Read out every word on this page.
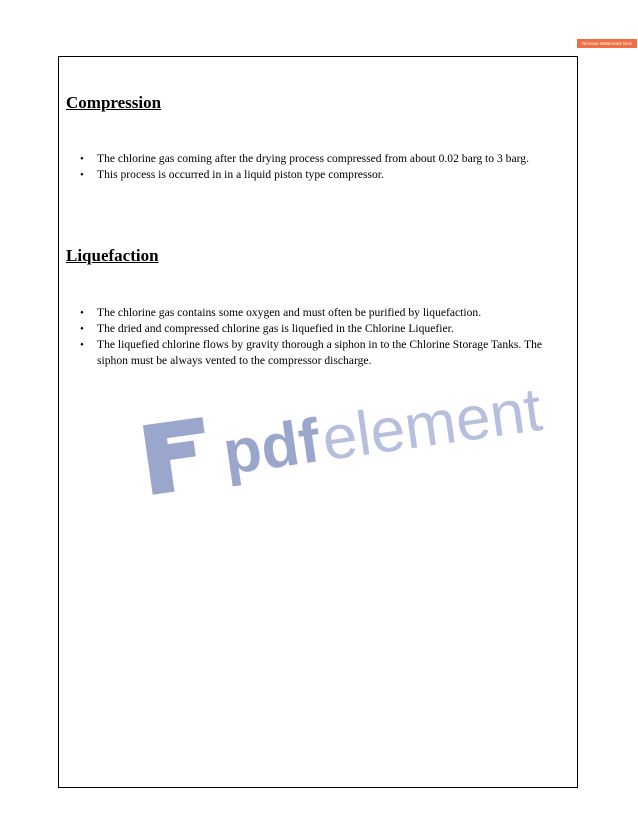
Remove Watermark Now
Compression
• The chlorine gas coming after the drying process compressed from about 0.02 barg to 3 barg.
• This process is occurred in in a liquid piston type compressor.
Liquefaction
• The chlorine gas contains some oxygen and must often be purified by liquefaction.
• The dried and compressed chlorine gas is liquefied in the Chlorine Liquefier.
• The liquefied chlorine flows by gravity thorough a siphon in to the Chlorine Storage Tanks. The siphon must be always vented to the compressor discharge.
pdf
element
